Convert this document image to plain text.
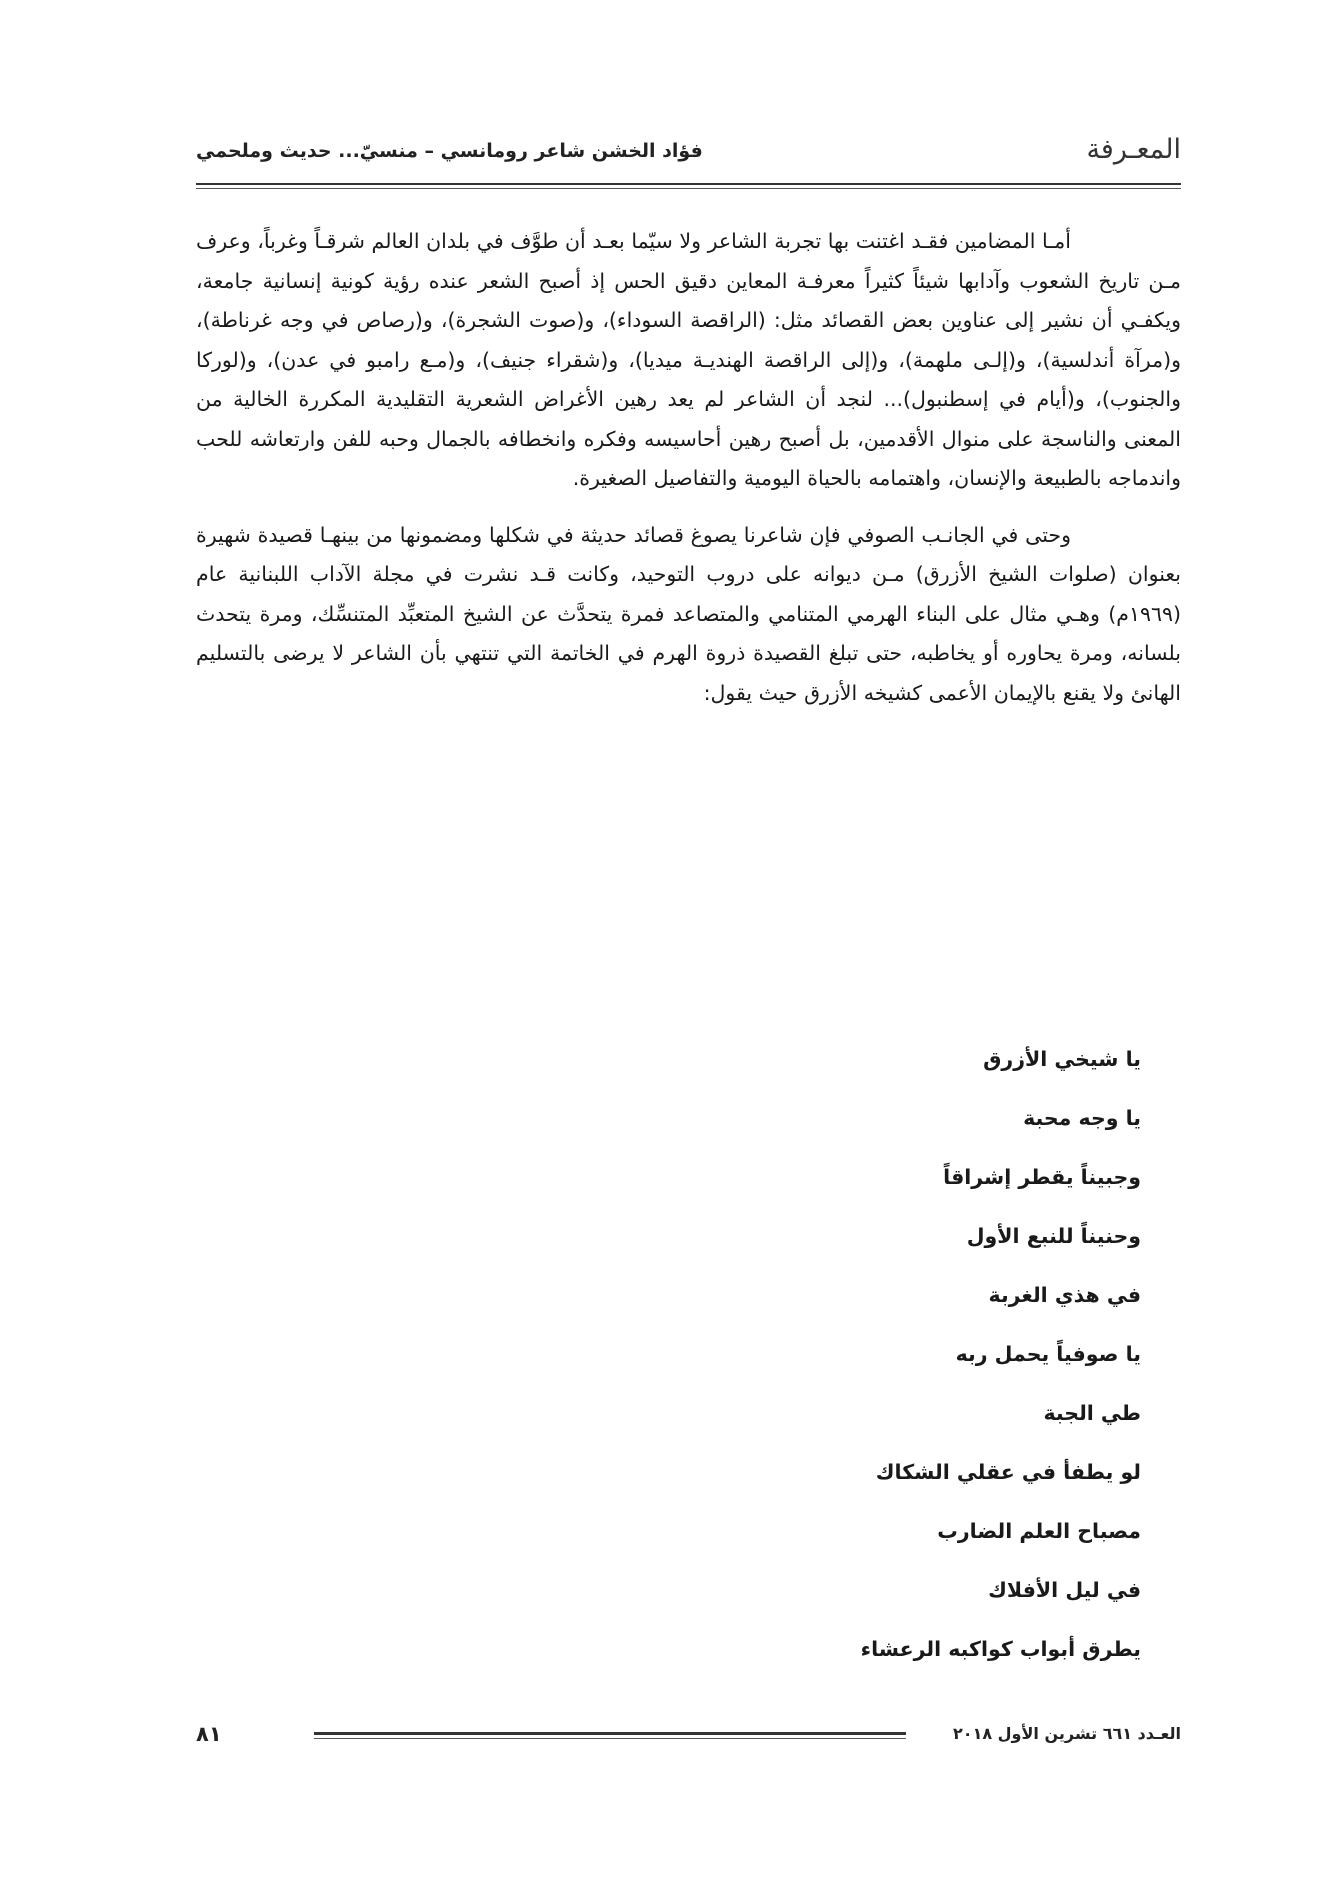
المعـرفة
فؤاد الخشن شاعر رومانسي – منسيّ... حديث وملحمي

أمـا المضامين فقـد اغتنت بها تجربة الشاعر ولا سيّما بعـد أن طوَّف في بلدان العالم شرقـاً وغرباً، وعرف مـن تاريخ الشعوب وآدابها شيئاً كثيراً معرفـة المعاين دقيق الحس إذ أصبح الشعر عنده رؤية كونية إنسانية جامعة، ويكفـي أن نشير إلى عناوين بعض القصائد مثل: (الراقصة السوداء)، و(صوت الشجرة)، و(رصاص في وجه غرناطة)، و(مرآة أندلسية)، و(إلـى ملهمة)، و(إلى الراقصة الهنديـة ميديا)، و(شقراء جنيف)، و(مـع رامبو في عدن)، و(لوركا والجنوب)، و(أيام في إسطنبول)... لنجد أن الشاعر لم يعد رهين الأغراض الشعرية التقليدية المكررة الخالية من المعنى والناسجة على منوال الأقدمين، بل أصبح رهين أحاسيسه وفكره وانخطافه بالجمال وحبه للفن وارتعاشه للحب واندماجه بالطبيعة والإنسان، واهتمامه بالحياة اليومية والتفاصيل الصغيرة.

وحتى في الجانـب الصوفي فإن شاعرنا يصوغ قصائد حديثة في شكلها ومضمونها من بينهـا قصيدة شهيرة بعنوان (صلوات الشيخ الأزرق) مـن ديوانه على دروب التوحيد، وكانت قـد نشرت في مجلة الآداب اللبنانية عام (١٩٦٩م) وهـي مثال على البناء الهرمي المتنامي والمتصاعد فمرة يتحدَّث عن الشيخ المتعبِّد المتنسِّك، ومرة يتحدث بلسانه، ومرة يحاوره أو يخاطبه، حتى تبلغ القصيدة ذروة الهرم في الخاتمة التي تنتهي بأن الشاعر لا يرضى بالتسليم الهانئ ولا يقنع بالإيمان الأعمى كشيخه الأزرق حيث يقول:

يا شيخي الأزرق
يا وجه محبة
وجبيناً يقطر إشراقاً
وحنيناً للنبع الأول
في هذي الغربة
يا صوفياً يحمل ربه
طي الجبة
لو يطفأ في عقلي الشكاك
مصباح العلم الضارب
في ليل الأفلاك
يطرق أبواب كواكبه الرعشاء
العـدد ٦٦١ تشرين الأول ٢٠١٨
٨١
